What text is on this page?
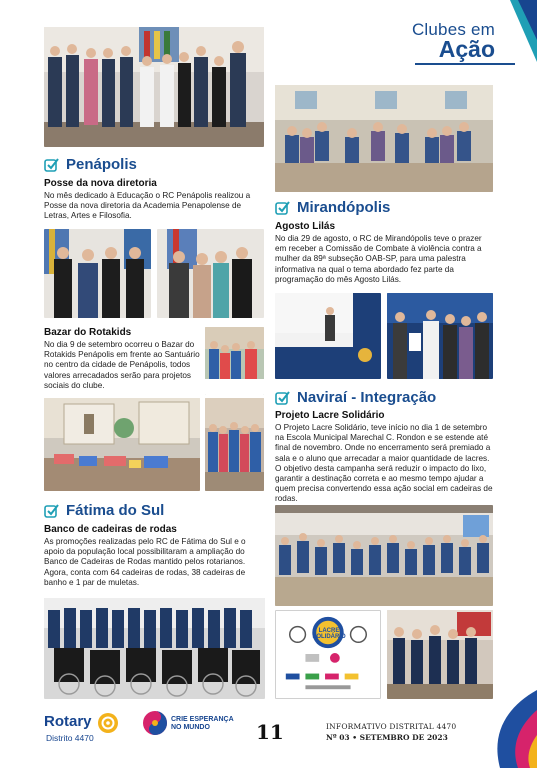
Clubes em
Ação
Penápolis
Posse da nova diretoria
No mês dedicado à Educação o RC Penápolis realizou a Posse da nova diretoria da Academia Penapolense de Letras, Artes e Filosofia.
Bazar do Rotakids
No dia 9 de setembro ocorreu o Bazar do Rotakids Penápolis em frente ao Santuário no centro da cidade de Penápolis, todos valores arrecadados serão para projetos sociais do clube.
Fátima do Sul
Banco de cadeiras de rodas
As promoções realizadas pelo RC de Fátima do Sul e o apoio da população local possibilitaram a ampliação do Banco de Cadeiras de Rodas mantido pelos rotarianos. Agora, conta com 64 cadeiras de rodas, 38 cadeiras de banho e 1 par de muletas.
Mirandópolis
Agosto Lilás
No dia 29 de agosto, o RC de Mirandópolis teve o prazer em receber a Comissão de Combate à violência contra a mulher da 89ª subseção OAB-SP, para uma palestra informativa na qual o tema abordado fez parte da programação do mês Agosto Lilás.
Naviraí - Integração
Projeto Lacre Solidário
O Projeto Lacre Solidário, teve início no dia 1 de setembro na Escola Municipal Marechal C. Rondon e se estende até final de novembro. Onde no encerramento será premiado a sala e o aluno que arrecadar a maior quantidade de lacres. O objetivo desta campanha será reduzir o impacto do lixo, garantir a destinação correta e ao mesmo tempo ajudar a quem precisa convertendo essa ação social em cadeiras de rodas.
LACRE SOLIDÁRIO
Rotary
Distrito 4470
CRIE ESPERANÇA
NO MUNDO	11	INFORMATIVO DISTRITAL 4470
Nº 03 • SETEMBRO DE 2023
